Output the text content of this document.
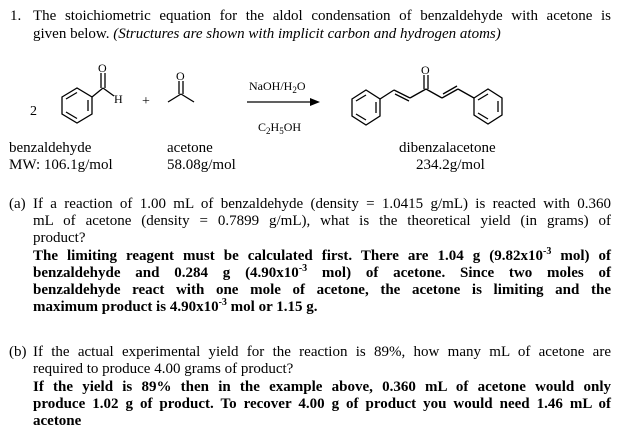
1. The stoichiometric equation for the aldol condensation of benzaldehyde with acetone is
given below. (Structures are shown with implicit carbon and hydrogen atoms)
2
O
H +
O
NaOH/$H_2O$
$C_2H_5OH$
O
benzaldehyde
MW: 106.1g/mol
acetone
58.08g/mol
dibenzalacetone
234.2g/mol
(a) If a reaction of 1.00 mL of benzaldehyde (density = 1.0415 g/mL) is reacted with 0.360
mL of acetone (density = 0.7899 g/mL), what is the theoretical yield (in grams) of
product?
The limiting reagent must be calculated first. There are 1.04 g ($9.82x10^{-3}$ mol) of
benzaldehyde and 0.284 g ($4.90x10^{-3}$ mol) of acetone. Since two moles of
benzaldehyde react with one mole of acetone, the acetone is limiting and the
maximum product is $4.90x10^{-3}$ mol or 1.15 g.
(b) If the actual experimental yield for the reaction is 89%, how many mL of acetone are
required to produce 4.00 grams of product?
If the yield is 89% then in the example above, 0.360 mL of acetone would only
produce 1.02 g of product. To recover 4.00 g of product you would need 1.46 mL of
acetone
